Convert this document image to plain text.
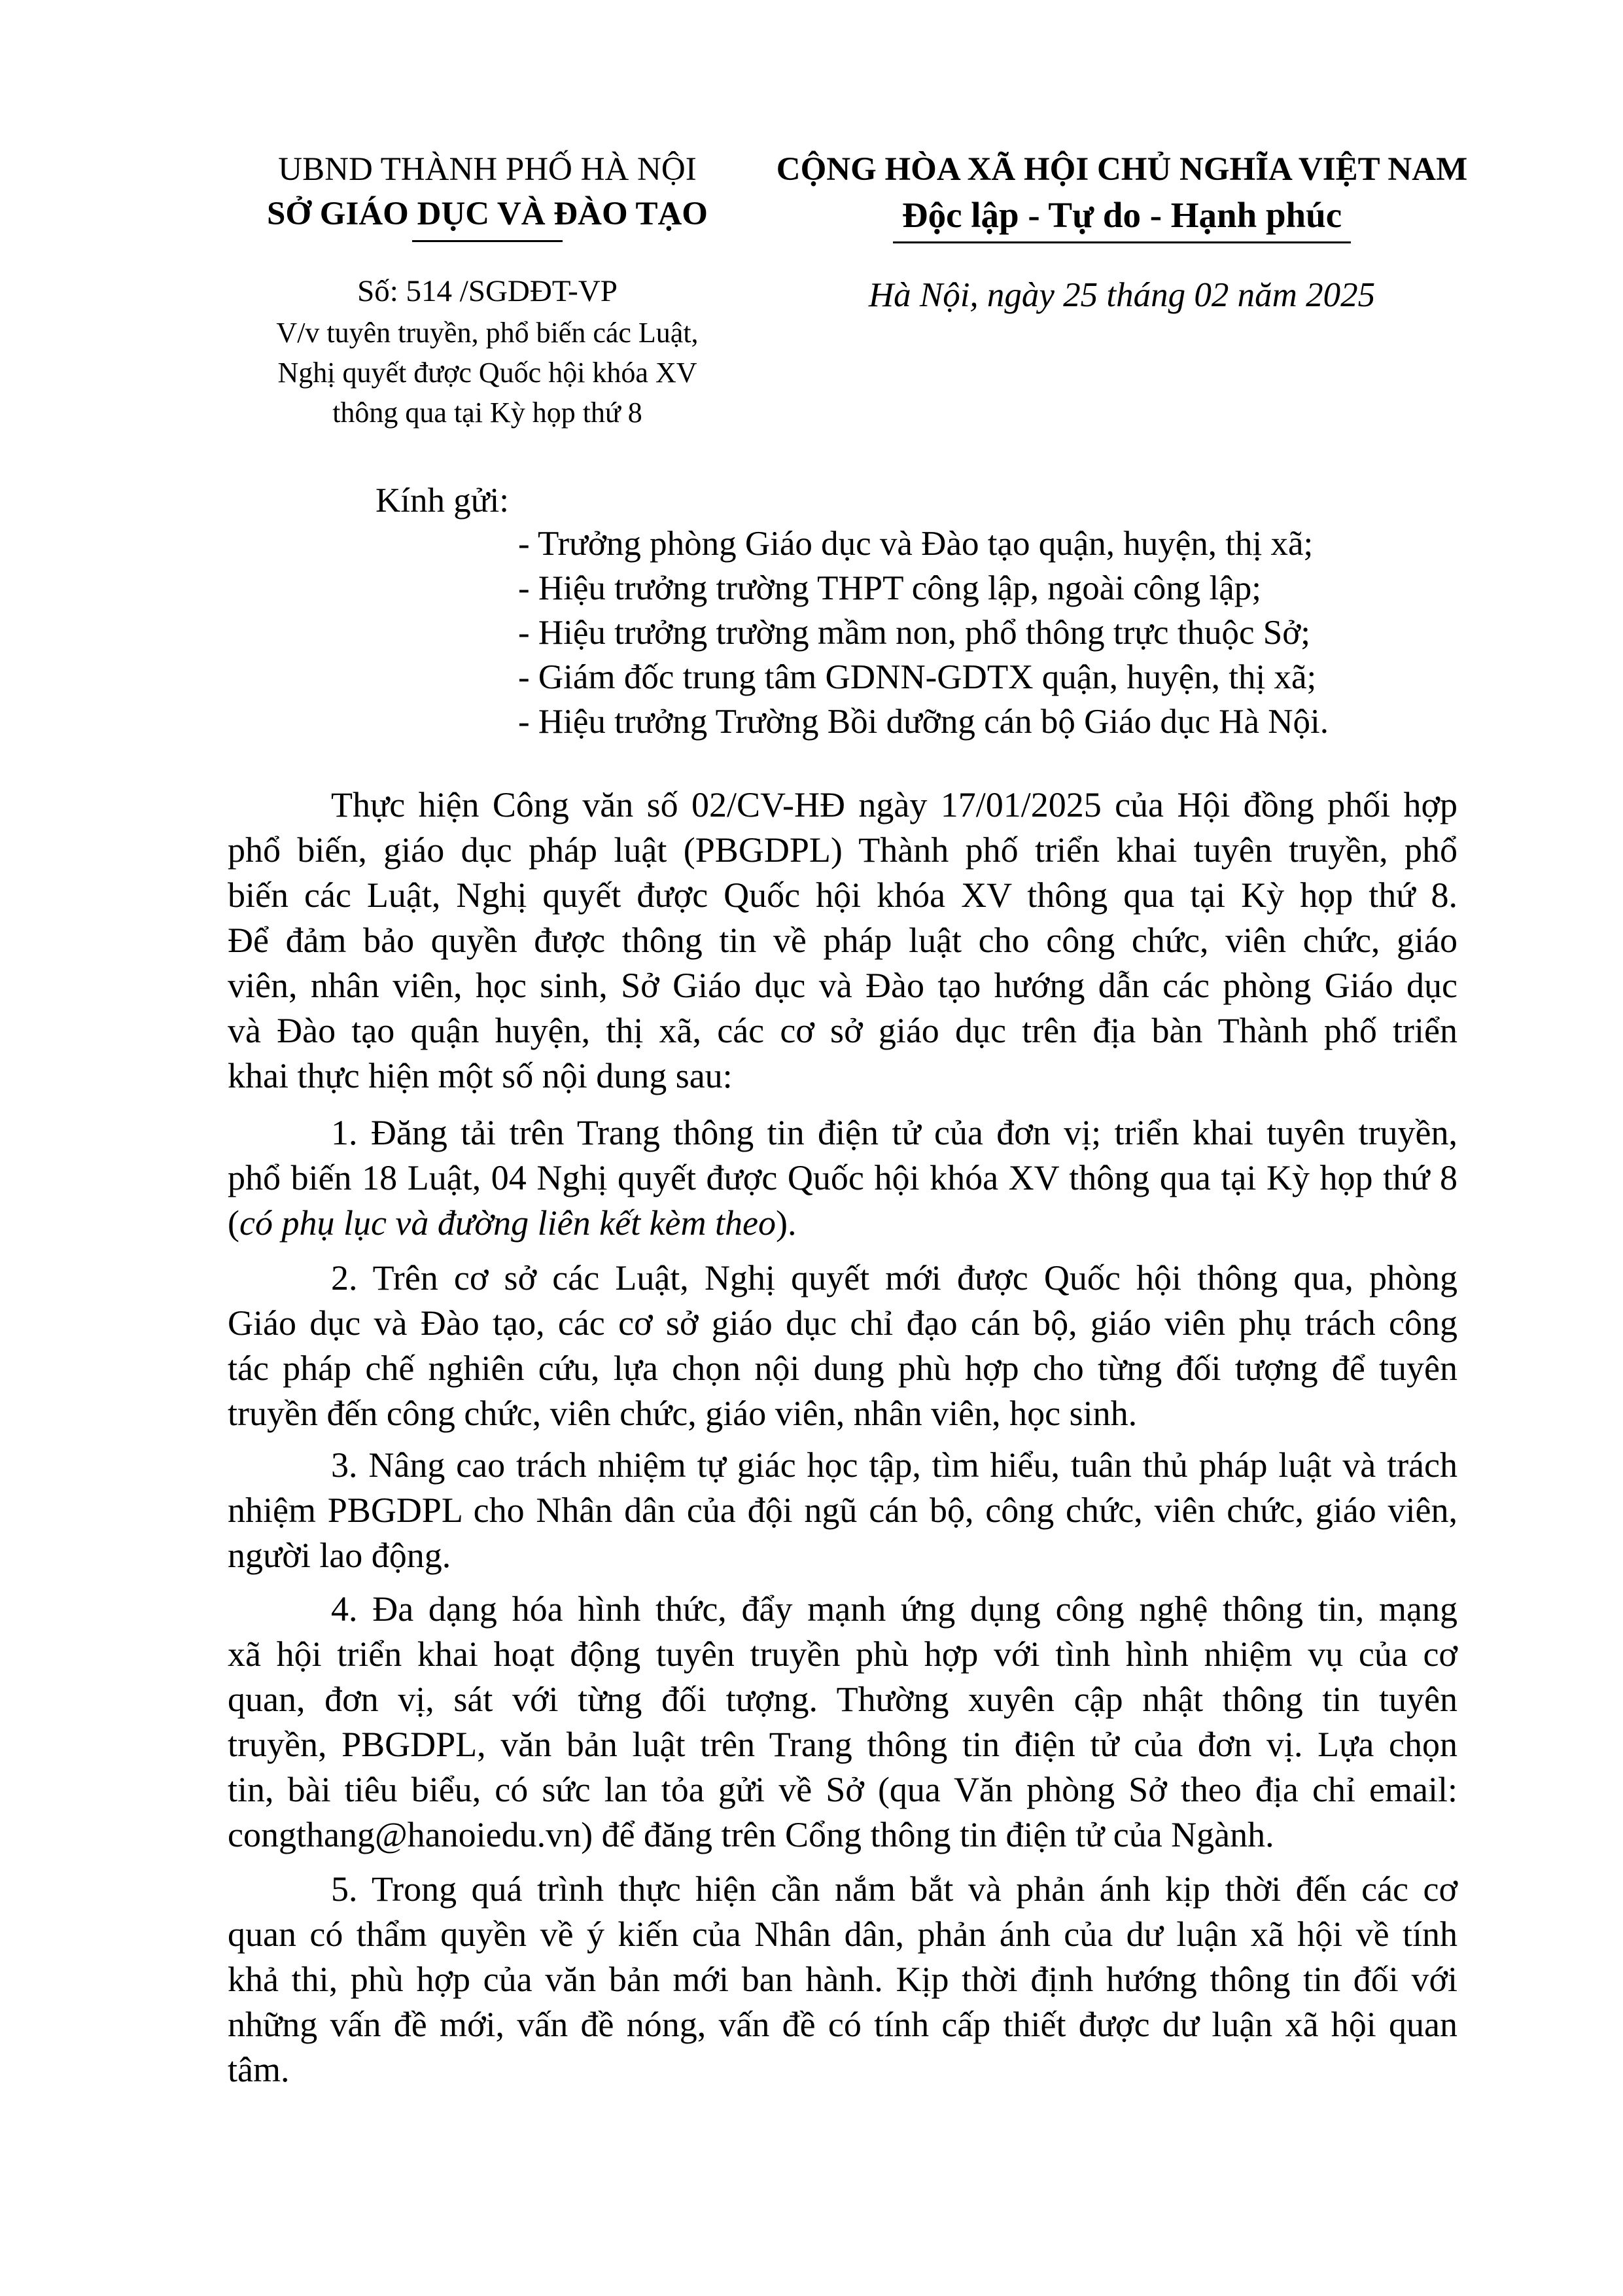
UBND THÀNH PHỐ HÀ NỘI
SỞ GIÁO DỤC VÀ ĐÀO TẠO
CỘNG HÒA XÃ HỘI CHỦ NGHĨA VIỆT NAM
Độc lập - Tự do - Hạnh phúc
Số: 514 /SGDĐT-VP
V/v tuyên truyền, phổ biến các Luật,
Nghị quyết được Quốc hội khóa XV
thông qua tại Kỳ họp thứ 8
Hà Nội, ngày 25 tháng 02 năm 2025
Kính gửi:
- Trưởng phòng Giáo dục và Đào tạo quận, huyện, thị xã;
- Hiệu trưởng trường THPT công lập, ngoài công lập;
- Hiệu trưởng trường mầm non, phổ thông trực thuộc Sở;
- Giám đốc trung tâm GDNN-GDTX quận, huyện, thị xã;
- Hiệu trưởng Trường Bồi dưỡng cán bộ Giáo dục Hà Nội.
Thực hiện Công văn số 02/CV-HĐ ngày 17/01/2025 của Hội đồng phối hợp
phổ biến, giáo dục pháp luật (PBGDPL) Thành phố triển khai tuyên truyền, phổ
biến các Luật, Nghị quyết được Quốc hội khóa XV thông qua tại Kỳ họp thứ 8.
Để đảm bảo quyền được thông tin về pháp luật cho công chức, viên chức, giáo
viên, nhân viên, học sinh, Sở Giáo dục và Đào tạo hướng dẫn các phòng Giáo dục
và Đào tạo quận huyện, thị xã, các cơ sở giáo dục trên địa bàn Thành phố triển
khai thực hiện một số nội dung sau:
1. Đăng tải trên Trang thông tin điện tử của đơn vị; triển khai tuyên truyền,
phổ biến 18 Luật, 04 Nghị quyết được Quốc hội khóa XV thông qua tại Kỳ họp thứ 8
(có phụ lục và đường liên kết kèm theo).
2. Trên cơ sở các Luật, Nghị quyết mới được Quốc hội thông qua, phòng
Giáo dục và Đào tạo, các cơ sở giáo dục chỉ đạo cán bộ, giáo viên phụ trách công
tác pháp chế nghiên cứu, lựa chọn nội dung phù hợp cho từng đối tượng để tuyên
truyền đến công chức, viên chức, giáo viên, nhân viên, học sinh.
3. Nâng cao trách nhiệm tự giác học tập, tìm hiểu, tuân thủ pháp luật và trách
nhiệm PBGDPL cho Nhân dân của đội ngũ cán bộ, công chức, viên chức, giáo viên,
người lao động.
4. Đa dạng hóa hình thức, đẩy mạnh ứng dụng công nghệ thông tin, mạng
xã hội triển khai hoạt động tuyên truyền phù hợp với tình hình nhiệm vụ của cơ
quan, đơn vị, sát với từng đối tượng. Thường xuyên cập nhật thông tin tuyên
truyền, PBGDPL, văn bản luật trên Trang thông tin điện tử của đơn vị. Lựa chọn
tin, bài tiêu biểu, có sức lan tỏa gửi về Sở (qua Văn phòng Sở theo địa chỉ email:
congthang@hanoiedu.vn) để đăng trên Cổng thông tin điện tử của Ngành.
5. Trong quá trình thực hiện cần nắm bắt và phản ánh kịp thời đến các cơ
quan có thẩm quyền về ý kiến của Nhân dân, phản ánh của dư luận xã hội về tính
khả thi, phù hợp của văn bản mới ban hành. Kịp thời định hướng thông tin đối với
những vấn đề mới, vấn đề nóng, vấn đề có tính cấp thiết được dư luận xã hội quan tâm.
